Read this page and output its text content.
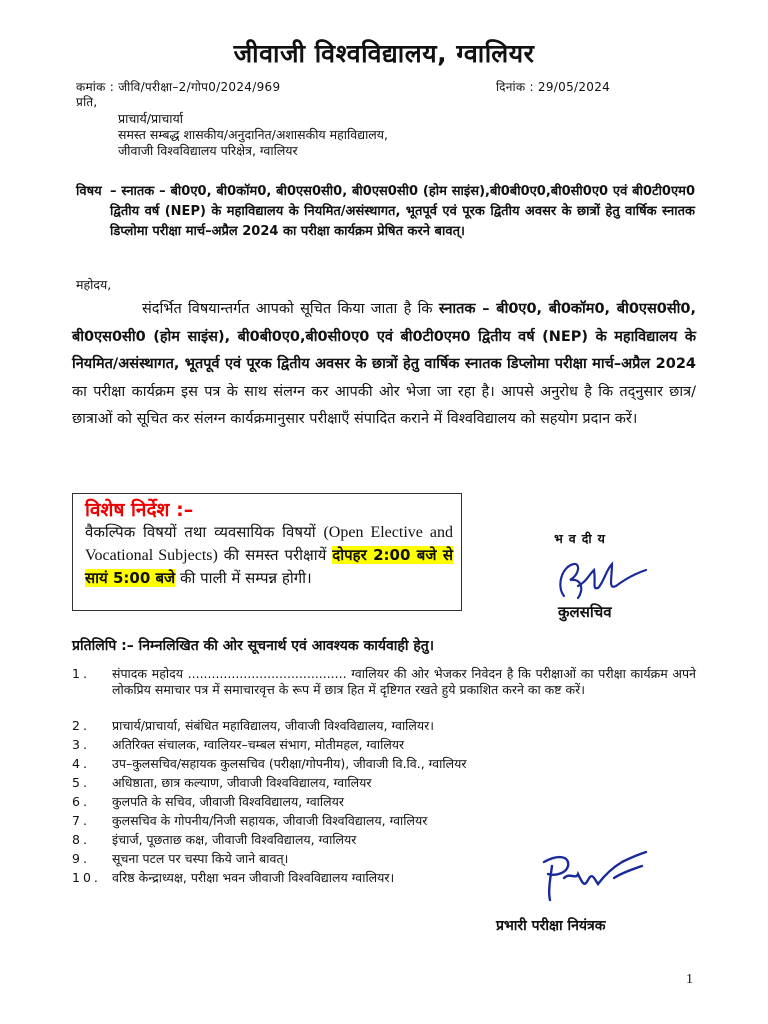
जीवाजी विश्वविद्यालय, ग्वालियर
कमांक : जीवि/परीक्षा–2/गोप0/2024/969	दिनांक : 29/05/2024
प्रति,
प्राचार्य/प्राचार्या
समस्त सम्बद्ध शासकीय/अनुदानित/अशासकीय महाविद्यालय,
जीवाजी विश्वविद्यालय परिक्षेत्र, ग्वालियर
विषय – स्नातक – बी0ए0, बी0कॉम0, बी0एस0सी0, बी0एस0सी0 (होम साइंस),बी0बी0ए0,बी0सी0ए0 एवं बी0टी0एम0 द्वितीय वर्ष (NEP) के महाविद्यालय के नियमित/असंस्थागत, भूतपूर्व एवं पूरक द्वितीय अवसर के छात्रों हेतु वार्षिक स्नातक डिप्लोमा परीक्षा मार्च–अप्रैल 2024 का परीक्षा कार्यक्रम प्रेषित करने बावत्।
महोदय,
संदर्भित विषयान्तर्गत आपको सूचित किया जाता है कि स्नातक – बी0ए0, बी0कॉम0, बी0एस0सी0, बी0एस0सी0 (होम साइंस), बी0बी0ए0,बी0सी0ए0 एवं बी0टी0एम0 द्वितीय वर्ष (NEP) के महाविद्यालय के नियमित/असंस्थागत, भूतपूर्व एवं पूरक द्वितीय अवसर के छात्रों हेतु वार्षिक स्नातक डिप्लोमा परीक्षा मार्च–अप्रैल 2024 का परीक्षा कार्यक्रम इस पत्र के साथ संलग्न कर आपकी ओर भेजा जा रहा है। आपसे अनुरोध है कि तद्नुसार छात्र/छात्राओं को सूचित कर संलग्न कार्यक्रमानुसार परीक्षाएँ संपादित कराने में विश्वविद्यालय को सहयोग प्रदान करें।
विशेष निर्देश :–
वैकल्पिक विषयों तथा व्यवसायिक विषयों (Open Elective and Vocational Subjects) की समस्त परीक्षायें दोपहर 2:00 बजे से सायं 5:00 बजे की पाली में सम्पन्न होगी।
भवदीय
कुलसचिव
प्रतिलिपि :– निम्नलिखित की ओर सूचनार्थ एवं आवश्यक कार्यवाही हेतु।
1.	संपादक महोदय ........................................ ग्वालियर की ओर भेजकर निवेदन है कि परीक्षाओं का परीक्षा कार्यक्रम अपने लोकप्रिय समाचार पत्र में समाचारवृत्त के रूप में छात्र हित में दृष्टिगत रखते हुये प्रकाशित करने का कष्ट करें।
2.	प्राचार्य/प्राचार्या, संबंधित महाविद्यालय, जीवाजी विश्वविद्यालय, ग्वालियर।
3.	अतिरिक्त संचालक, ग्वालियर–चम्बल संभाग, मोतीमहल, ग्वालियर
4.	उप–कुलसचिव/सहायक कुलसचिव (परीक्षा/गोपनीय), जीवाजी वि.वि., ग्वालियर
5.	अधिष्ठाता, छात्र कल्याण, जीवाजी विश्वविद्यालय, ग्वालियर
6.	कुलपति के सचिव, जीवाजी विश्वविद्यालय, ग्वालियर
7.	कुलसचिव के गोपनीय/निजी सहायक, जीवाजी विश्वविद्यालय, ग्वालियर
8.	इंचार्ज, पूछताछ कक्ष, जीवाजी विश्वविद्यालय, ग्वालियर
9.	सूचना पटल पर चस्पा किये जाने बावत्।
10. वरिष्ठ केन्द्राध्यक्ष, परीक्षा भवन जीवाजी विश्वविद्यालय ग्वालियर।
प्रभारी परीक्षा नियंत्रक
1
